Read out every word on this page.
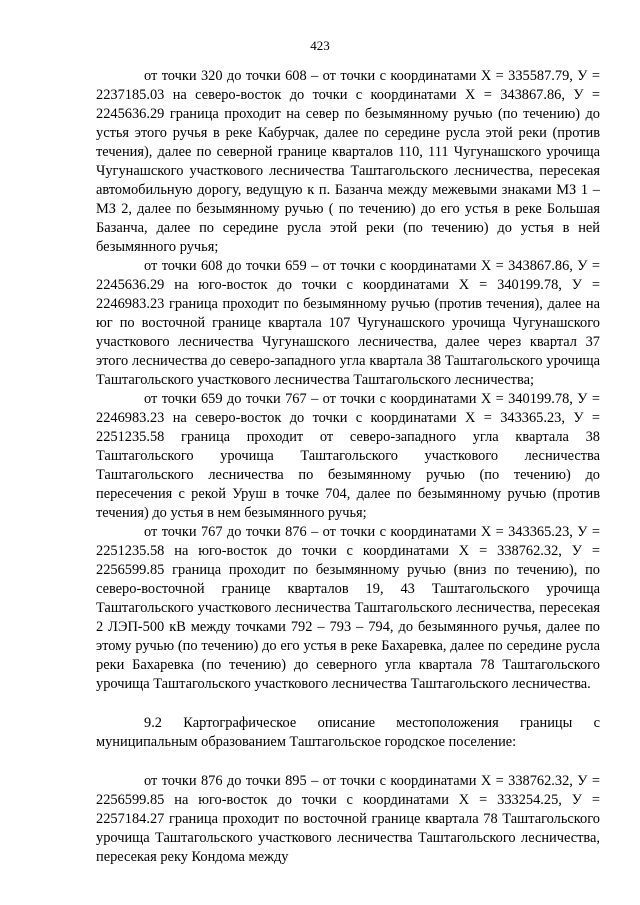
423

от точки 320 до точки 608 – от точки с координатами Х = 335587.79, У = 2237185.03 на северо-восток до точки с координатами Х = 343867.86, У = 2245636.29 граница проходит на север по безымянному ручью (по течению) до устья этого ручья в реке Кабурчак, далее по середине русла этой реки (против течения), далее по северной границе кварталов 110, 111 Чугунашского урочища Чугунашского участкового лесничества Таштагольского лесничества, пересекая автомобильную дорогу, ведущую к п. Базанча между межевыми знаками МЗ 1 – МЗ 2, далее по безымянному ручью ( по течению) до его устья в реке Большая Базанча, далее по середине русла этой реки (по течению) до устья в ней безымянного ручья;

от точки 608 до точки 659 – от точки с координатами Х = 343867.86, У = 2245636.29 на юго-восток до точки с координатами Х = 340199.78, У = 2246983.23 граница проходит по безымянному ручью (против течения), далее на юг по восточной границе квартала 107 Чугунашского урочища Чугунашского участкового лесничества Чугунашского лесничества, далее через квартал 37 этого лесничества до северо-западного угла квартала 38 Таштагольского урочища Таштагольского участкового лесничества Таштагольского лесничества;

от точки 659 до точки 767 – от точки с координатами Х = 340199.78, У = 2246983.23 на северо-восток до точки с координатами Х = 343365.23, У = 2251235.58 граница проходит от северо-западного угла квартала 38 Таштагольского урочища Таштагольского участкового лесничества Таштагольского лесничества по безымянному ручью (по течению) до пересечения с рекой Уруш в точке 704, далее по безымянному ручью (против течения) до устья в нем безымянного ручья;

от точки 767 до точки 876 – от точки с координатами Х = 343365.23, У = 2251235.58 на юго-восток до точки с координатами Х = 338762.32, У = 2256599.85 граница проходит по безымянному ручью (вниз по течению), по северо-восточной границе кварталов 19, 43 Таштагольского урочища Таштагольского участкового лесничества Таштагольского лесничества, пересекая 2 ЛЭП-500 кВ между точками 792 – 793 – 794, до безымянного ручья, далее по этому ручью (по течению) до его устья в реке Бахаревка, далее по середине русла реки Бахаревка (по течению) до северного угла квартала 78 Таштагольского урочища Таштагольского участкового лесничества Таштагольского лесничества.

9.2 Картографическое описание местоположения границы с муниципальным образованием Таштагольское городское поселение:

от точки 876 до точки 895 – от точки с координатами Х = 338762.32, У = 2256599.85 на юго-восток до точки с координатами Х = 333254.25, У = 2257184.27 граница проходит по восточной границе квартала 78 Таштагольского урочища Таштагольского участкового лесничества Таштагольского лесничества, пересекая реку Кондома между
